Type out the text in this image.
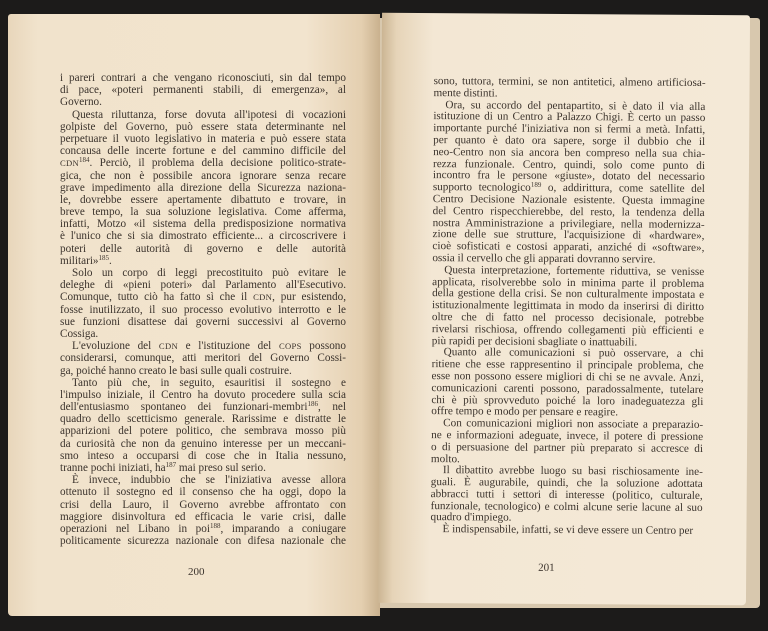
i pareri contrari a che vengano riconosciuti, sin dal tempo
di pace, «poteri permanenti stabili, di emergenza», al
Governo.
Questa riluttanza, forse dovuta all'ipotesi di vocazioni
golpiste del Governo, può essere stata determinante nel
perpetuare il vuoto legislativo in materia e può essere stata
concausa delle incerte fortune e del cammino difficile del
CDN$^{184}$. Perciò, il problema della decisione politico-strate-
gica, che non è possibile ancora ignorare senza recare
grave impedimento alla direzione della Sicurezza naziona-
le, dovrebbe essere apertamente dibattuto e trovare, in
breve tempo, la sua soluzione legislativa. Come afferma,
infatti, Motzo «il sistema della predisposizione normativa
è l'unico che si sia dimostrato efficiente... a circoscrivere i
poteri delle autorità di governo e delle autorità
militari»$^{185}$.
Solo un corpo di leggi precostituito può evitare le
deleghe di «pieni poteri» dal Parlamento all'Esecutivo.
Comunque, tutto ciò ha fatto sì che il CDN, pur esistendo,
fosse inutilizzato, il suo processo evolutivo interrotto e le
sue funzioni disattese dai governi successivi al Governo
Cossiga.
L'evoluzione del CDN e l'istituzione del COPS possono
considerarsi, comunque, atti meritori del Governo Cossi-
ga, poiché hanno creato le basi sulle quali costruire.
Tanto più che, in seguito, esauritisi il sostegno e
l'impulso iniziale, il Centro ha dovuto procedere sulla scia
dell'entusiasmo spontaneo dei funzionari-membri$^{186}$, nel
quadro dello scetticismo generale. Rarissime e distratte le
apparizioni del potere politico, che sembrava mosso più
da curiosità che non da genuino interesse per un meccani-
smo inteso a occuparsi di cose che in Italia nessuno,
tranne pochi iniziati, $ha^{187}$ mai preso sul serio.
È invece, indubbio che se l'iniziativa avesse allora
ottenuto il sostegno ed il consenso che ha oggi, dopo la
crisi della Lauro, il Governo avrebbe affrontato con
maggiore disinvoltura ed efficacia le varie crisi, dalle
operazioni nel Libano in poi$^{188}$, imparando a coniugare
politicamente sicurezza nazionale con difesa nazionale che
200
sono, tuttora, termini, se non antitetici, almeno artificiosa-
mente distinti.
Ora, su accordo del pentapartito, si è dato il via alla
istituzione di un Centro a Palazzo Chigi. È certo un passo
importante purché l'iniziativa non si fermi a metà. Infatti,
per quanto è dato ora sapere, sorge il dubbio che il
neo-Centro non sia ancora ben compreso nella sua chia-
rezza funzionale. Centro, quindi, solo come punto di
incontro fra le persone «giuste», dotato del necessario
supporto tecnologico$^{189}$ o, addirittura, come satellite del
Centro Decisione Nazionale esistente. Questa immagine
del Centro rispecchierebbe, del resto, la tendenza della
nostra Amministrazione a privilegiare, nella modernizza-
zione delle sue strutture, l'acquisizione di «hardware»,
cioè sofisticati e costosi apparati, anziché di «software»,
ossia il cervello che gli apparati dovranno servire.
Questa interpretazione, fortemente riduttiva, se venisse
applicata, risolverebbe solo in minima parte il problema
della gestione della crisi. Se non culturalmente impostata e
istituzionalmente legittimata in modo da inserirsi di diritto
oltre che di fatto nel processo decisionale, potrebbe
rivelarsi rischiosa, offrendo collegamenti più efficienti e
più rapidi per decisioni sbagliate o inattuabili.
Quanto alle comunicazioni si può osservare, a chi
ritiene che esse rappresentino il principale problema, che
esse non possono essere migliori di chi se ne avvale. Anzi,
comunicazioni carenti possono, paradossalmente, tutelare
chi è più sprovveduto poiché la loro inadeguatezza gli
offre tempo e modo per pensare e reagire.
Con comunicazioni migliori non associate a preparazio-
ne e informazioni adeguate, invece, il potere di pressione
o di persuasione del partner più preparato si accresce di
molto.
Il dibattito avrebbe luogo su basi rischiosamente ine-
guali. È augurabile, quindi, che la soluzione adottata
abbracci tutti i settori di interesse (politico, culturale,
funzionale, tecnologico) e colmi alcune serie lacune al suo
quadro d'impiego.
È indispensabile, infatti, se vi deve essere un Centro per
201
